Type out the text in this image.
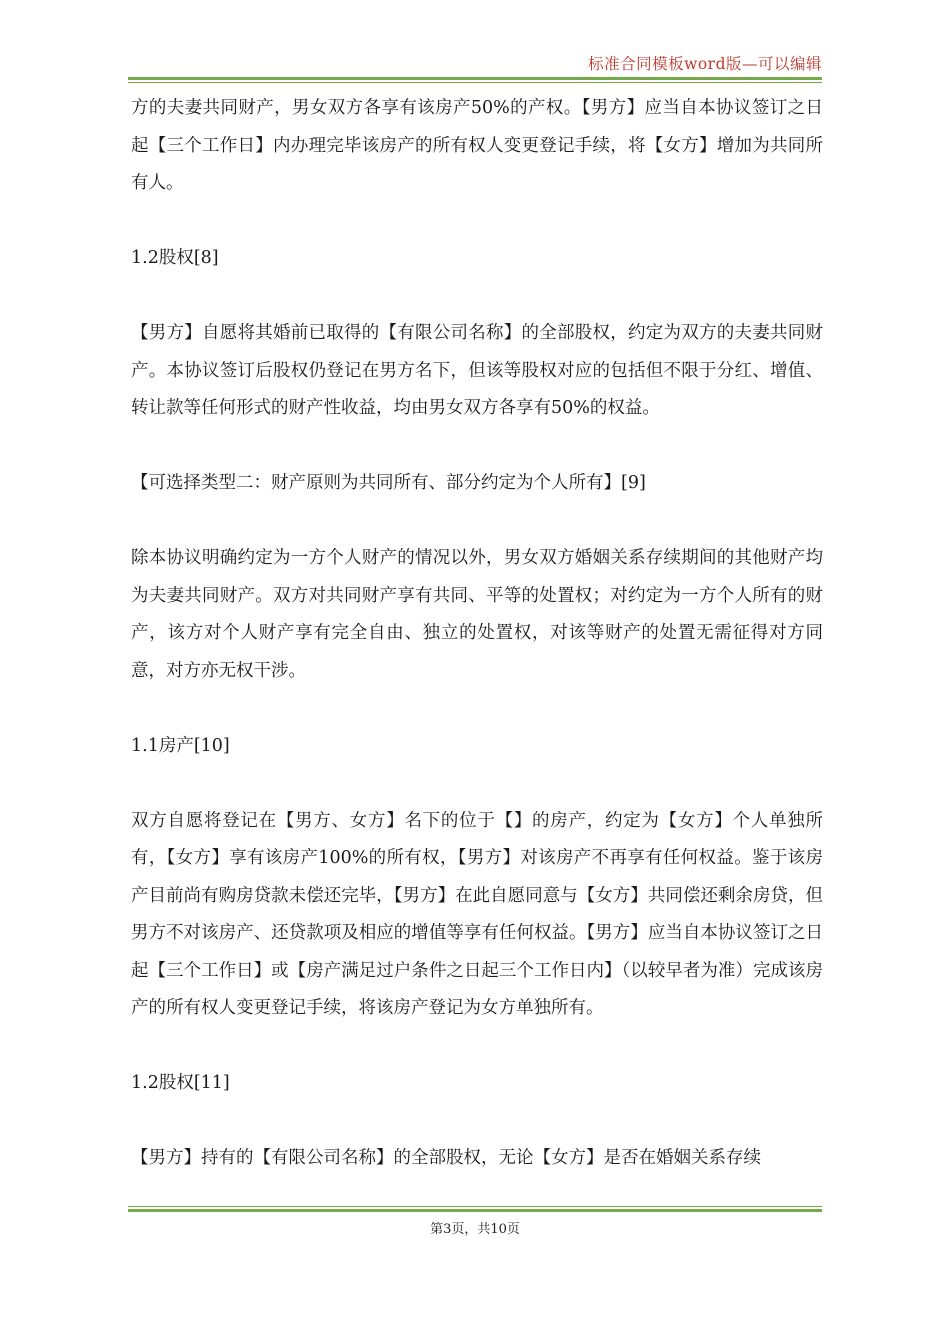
标准合同模板word版—可以编辑

方的夫妻共同财产，男女双方各享有该房产50%的产权。【男方】应当自本协议签订之日起【三个工作日】内办理完毕该房产的所有权人变更登记手续，将【女方】增加为共同所有人。

1.2股权[8]

【男方】自愿将其婚前已取得的【有限公司名称】的全部股权，约定为双方的夫妻共同财产。本协议签订后股权仍登记在男方名下，但该等股权对应的包括但不限于分红、增值、转让款等任何形式的财产性收益，均由男女双方各享有50%的权益。

【可选择类型二：财产原则为共同所有、部分约定为个人所有】[9]

除本协议明确约定为一方个人财产的情况以外，男女双方婚姻关系存续期间的其他财产均为夫妻共同财产。双方对共同财产享有共同、平等的处置权；对约定为一方个人所有的财产，该方对个人财产享有完全自由、独立的处置权，对该等财产的处置无需征得对方同意，对方亦无权干涉。

1.1房产[10]

双方自愿将登记在【男方、女方】名下的位于【】的房产，约定为【女方】个人单独所有，【女方】享有该房产100%的所有权，【男方】对该房产不再享有任何权益。鉴于该房产目前尚有购房贷款未偿还完毕，【男方】在此自愿同意与【女方】共同偿还剩余房贷，但男方不对该房产、还贷款项及相应的增值等享有任何权益。【男方】应当自本协议签订之日起【三个工作日】或【房产满足过户条件之日起三个工作日内】（以较早者为准）完成该房产的所有权人变更登记手续，将该房产登记为女方单独所有。

1.2股权[11]

【男方】持有的【有限公司名称】的全部股权，无论【女方】是否在婚姻关系存续

第3页，共10页
